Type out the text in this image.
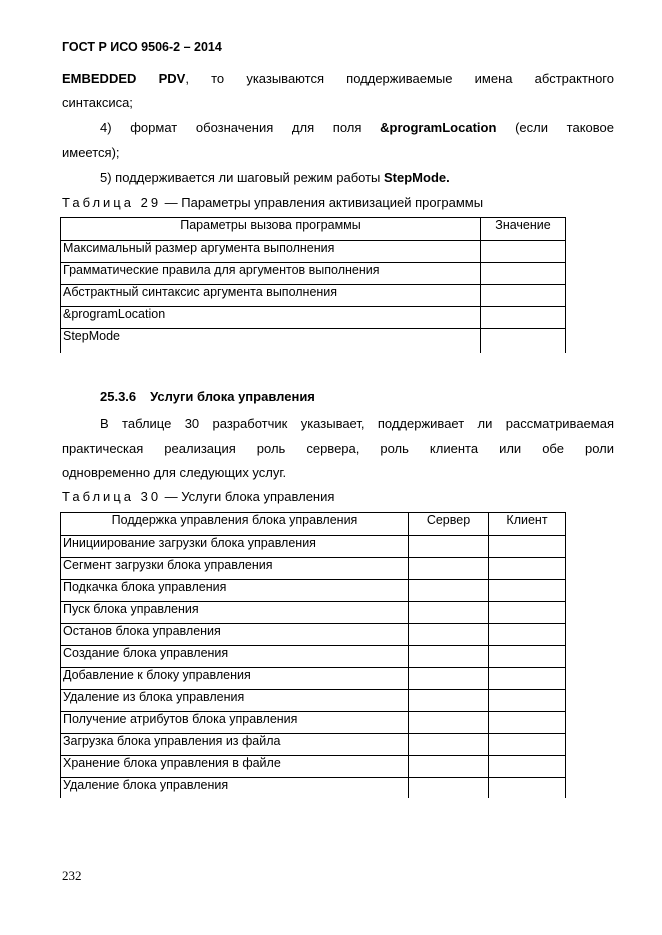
ГОСТ Р ИСО 9506-2 – 2014
EMBEDDED PDV, то указываются поддерживаемые имена абстрактного
синтаксиса;
4) формат обозначения для поля &programLocation (если таковое
имеется);
5) поддерживается ли шаговый режим работы StepMode.
Таблица 29 — Параметры управления активизацией программы
Параметры вызова программы	Значение
Максимальный размер аргумента выполнения	
Грамматические правила для аргументов выполнения	
Абстрактный синтаксис аргумента выполнения	
&programLocation	
StepMode	
25.3.6 Услуги блока управления
В таблице 30 разработчик указывает, поддерживает ли рассматриваемая
практическая реализация роль сервера, роль клиента или обе роли
одновременно для следующих услуг.
Таблица 30 — Услуги блока управления
Поддержка управления блока управления	Сервер	Клиент
Инициирование загрузки блока управления		
Сегмент загрузки блока управления		
Подкачка блока управления		
Пуск блока управления		
Останов блока управления		
Создание блока управления		
Добавление к блоку управления		
Удаление из блока управления		
Получение атрибутов блока управления		
Загрузка блока управления из файла		
Хранение блока управления в файле		
Удаление блока управления		
232
